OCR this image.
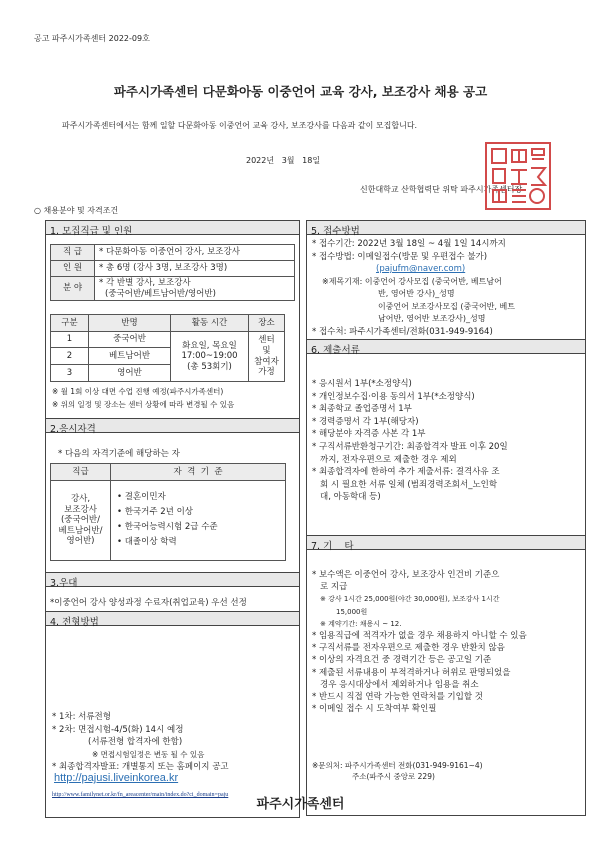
공고 파주시가족센터 2022-09호
파주시가족센터 다문화아동 이중언어 교육 강사, 보조강사 채용 공고
파주시가족센터에서는 함께 일할 다문화아동 이중언어 교육 강사, 보조강사를 다음과 같이 모집합니다.
2022년   3월   18일
신한대학교 산학협력단 위탁 파주시가족센터장
○ 채용분야 및 자격조건
1. 모집직급 및 인원
직 급	* 다문화아동 이중언어 강사, 보조강사
인 원	* 총 6명 (강사 3명, 보조강사 3명)
분 야
* 각 반별 강사, 보조강사
(중국어반/베트남어반/영어반)
구분	반명	활동 시간	장소
1	중국어반
2	베트남어반
3	영어반
화요일, 목요일
17:00~19:00
(총 53회기)
센터
및
참여자
가정
※ 월 1회 이상 대면 수업 진행 예정(파주시가족센터)
※ 위의 일정 및 장소는 센터 상황에 따라 변경될 수 있음
2.응시자격
* 다음의 자격기준에 해당하는 자
직급	자  격  기  준
강사,
보조강사
(중국어반/
베트남어반/
영어반)
• 결혼이민자
• 한국거주 2년 이상
• 한국어능력시험 2급 수준
• 대졸이상 학력
3.우대
*이중언어 강사 양성과정 수료자(취업교육) 우선 선정
4. 전형방법
* 1차: 서류전형
* 2차: 면접시험-4/5(화) 14시 예정
(서류전형 합격자에 한함)
※ 면접시험일정은 변동 될 수 있음
* 최종합격자발표: 개별통지 또는 홈페이지 공고
http://pajusi.liveinkorea.kr
http://www.familynet.or.kr/fn_areacenter/main/index.do?ci_domain=paju
5. 접수방법
* 접수기간: 2022년 3월 18일 ~ 4월 1일 14시까지
* 접수방법: 이메일접수(방문 및 우편접수 불가)
(pajufm@naver.com)
※제목기재: 이중언어 강사모집 (중국어반, 베트남어
반, 영어반 강사)_성명
이중언어 보조강사모집 (중국어반, 베트
남어반, 영어반 보조강사)_성명
* 접수처: 파주시가족센터/전화(031-949-9164)
6. 제출서류
* 응시원서 1부(*소정양식)
* 개인정보수집·이용 동의서 1부(*소정양식)
* 최종학교 졸업증명서 1부
* 경력증명서 각 1부(해당자)
* 해당분야 자격증 사본 각 1부
* 구직서류반환청구기간: 최종합격자 발표 이후 20일
까지, 전자우편으로 제출한 경우 제외
* 최종합격자에 한하여 추가 제출서류: 결격사유 조
회 시 필요한 서류 일체 (범죄경력조회서_노인학
대, 아동학대 등)
7. 기    타
* 보수액은 이중언어 강사, 보조강사 인건비 기준으
로 지급
※ 강사 1시간 25,000원(야간 30,000원), 보조강사 1시간
15,000원
※ 계약기간: 채용시 ~ 12.
* 임용직급에 적격자가 없을 경우 채용하지 아니할 수 있음
* 구직서류를 전자우편으로 제출한 경우 반환치 않음
* 이상의 자격요건 중 경력기간 등은 공고일 기준
* 제출된 서류내용이 부적격하거나 허위로 판명되었을
경우 응시대상에서 제외하거나 임용을 취소
* 반드시 직접 연락 가능한 연락처를 기입할 것
* 이메일 접수 시 도착여부 확인필
※문의처: 파주시가족센터 전화(031-949-9161~4)
주소(파주시 중앙로 229)
파주시가족센터
